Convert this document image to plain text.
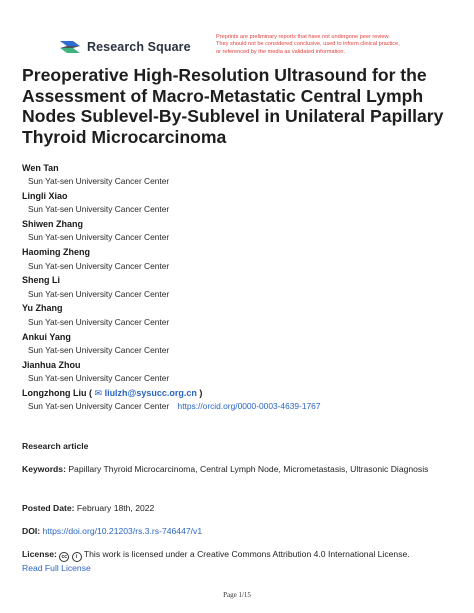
Research Square
Preprints are preliminary reports that have not undergone peer review.
They should not be considered conclusive, used to inform clinical practice,
or referenced by the media as validated information.
Preoperative High-Resolution Ultrasound for the Assessment of Macro-Metastatic Central Lymph Nodes Sublevel-By-Sublevel in Unilateral Papillary Thyroid Microcarcinoma
Wen Tan
Sun Yat-sen University Cancer Center
Lingli Xiao
Sun Yat-sen University Cancer Center
Shiwen Zhang
Sun Yat-sen University Cancer Center
Haoming Zheng
Sun Yat-sen University Cancer Center
Sheng Li
Sun Yat-sen University Cancer Center
Yu Zhang
Sun Yat-sen University Cancer Center
Ankui Yang
Sun Yat-sen University Cancer Center
Jianhua Zhou
Sun Yat-sen University Cancer Center
Longzhong Liu ( ✉ liulzh@sysucc.org.cn )
Sun Yat-sen University Cancer Center https://orcid.org/0000-0003-4639-1767
Research article
Keywords: Papillary Thyroid Microcarcinoma, Central Lymph Node, Micrometastasis, Ultrasonic Diagnosis
Posted Date: February 18th, 2022
DOI: https://doi.org/10.21203/rs.3.rs-746447/v1
License: cc i This work is licensed under a Creative Commons Attribution 4.0 International License.
Read Full License
Page 1/15
